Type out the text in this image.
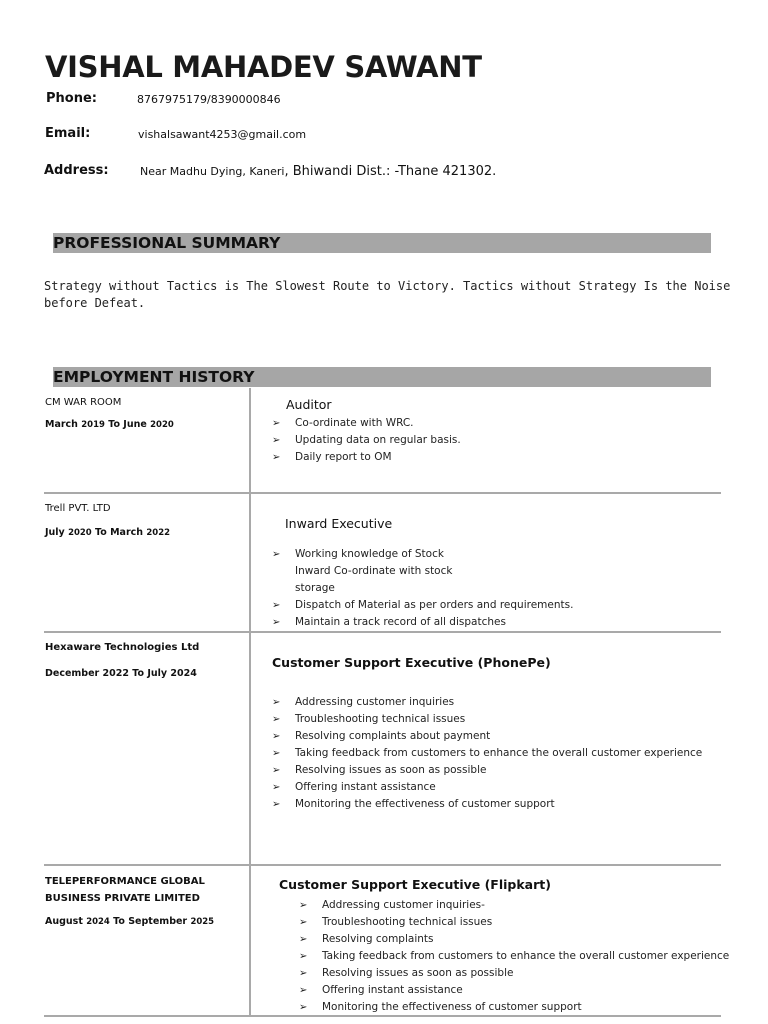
VISHAL MAHADEV SAWANT
Phone:	8767975179/8390000846
Email:	vishalsawant4253@gmail.com
Address:	Near Madhu Dying, Kaneri, Bhiwandi Dist.: -Thane 421302.
PROFESSIONAL SUMMARY
Strategy without Tactics is The Slowest Route to Victory. Tactics without Strategy Is the Noise before Defeat.
EMPLOYMENT HISTORY
CM WAR ROOM
March 2019 To June 2020
Auditor
➢ Co-ordinate with WRC.
➢ Updating data on regular basis.
➢ Daily report to OM
Trell PVT. LTD
July 2020 To March 2022
Inward Executive
➢ Working knowledge of Stock
Inward Co-ordinate with stock
storage
➢ Dispatch of Material as per orders and requirements.
➢ Maintain a track record of all dispatches
Hexaware Technologies Ltd
December 2022 To July 2024
Customer Support Executive (PhonePe)
➢ Addressing customer inquiries
➢ Troubleshooting technical issues
➢ Resolving complaints about payment
➢ Taking feedback from customers to enhance the overall customer experience
➢ Resolving issues as soon as possible
➢ Offering instant assistance
➢ Monitoring the effectiveness of customer support
TELEPERFORMANCE GLOBAL
BUSINESS PRIVATE LIMITED
August 2024 To September 2025
Customer Support Executive (Flipkart)
➢ Addressing customer inquiries-
➢ Troubleshooting technical issues
➢ Resolving complaints
➢ Taking feedback from customers to enhance the overall customer experience
➢ Resolving issues as soon as possible
➢ Offering instant assistance
➢ Monitoring the effectiveness of customer support
